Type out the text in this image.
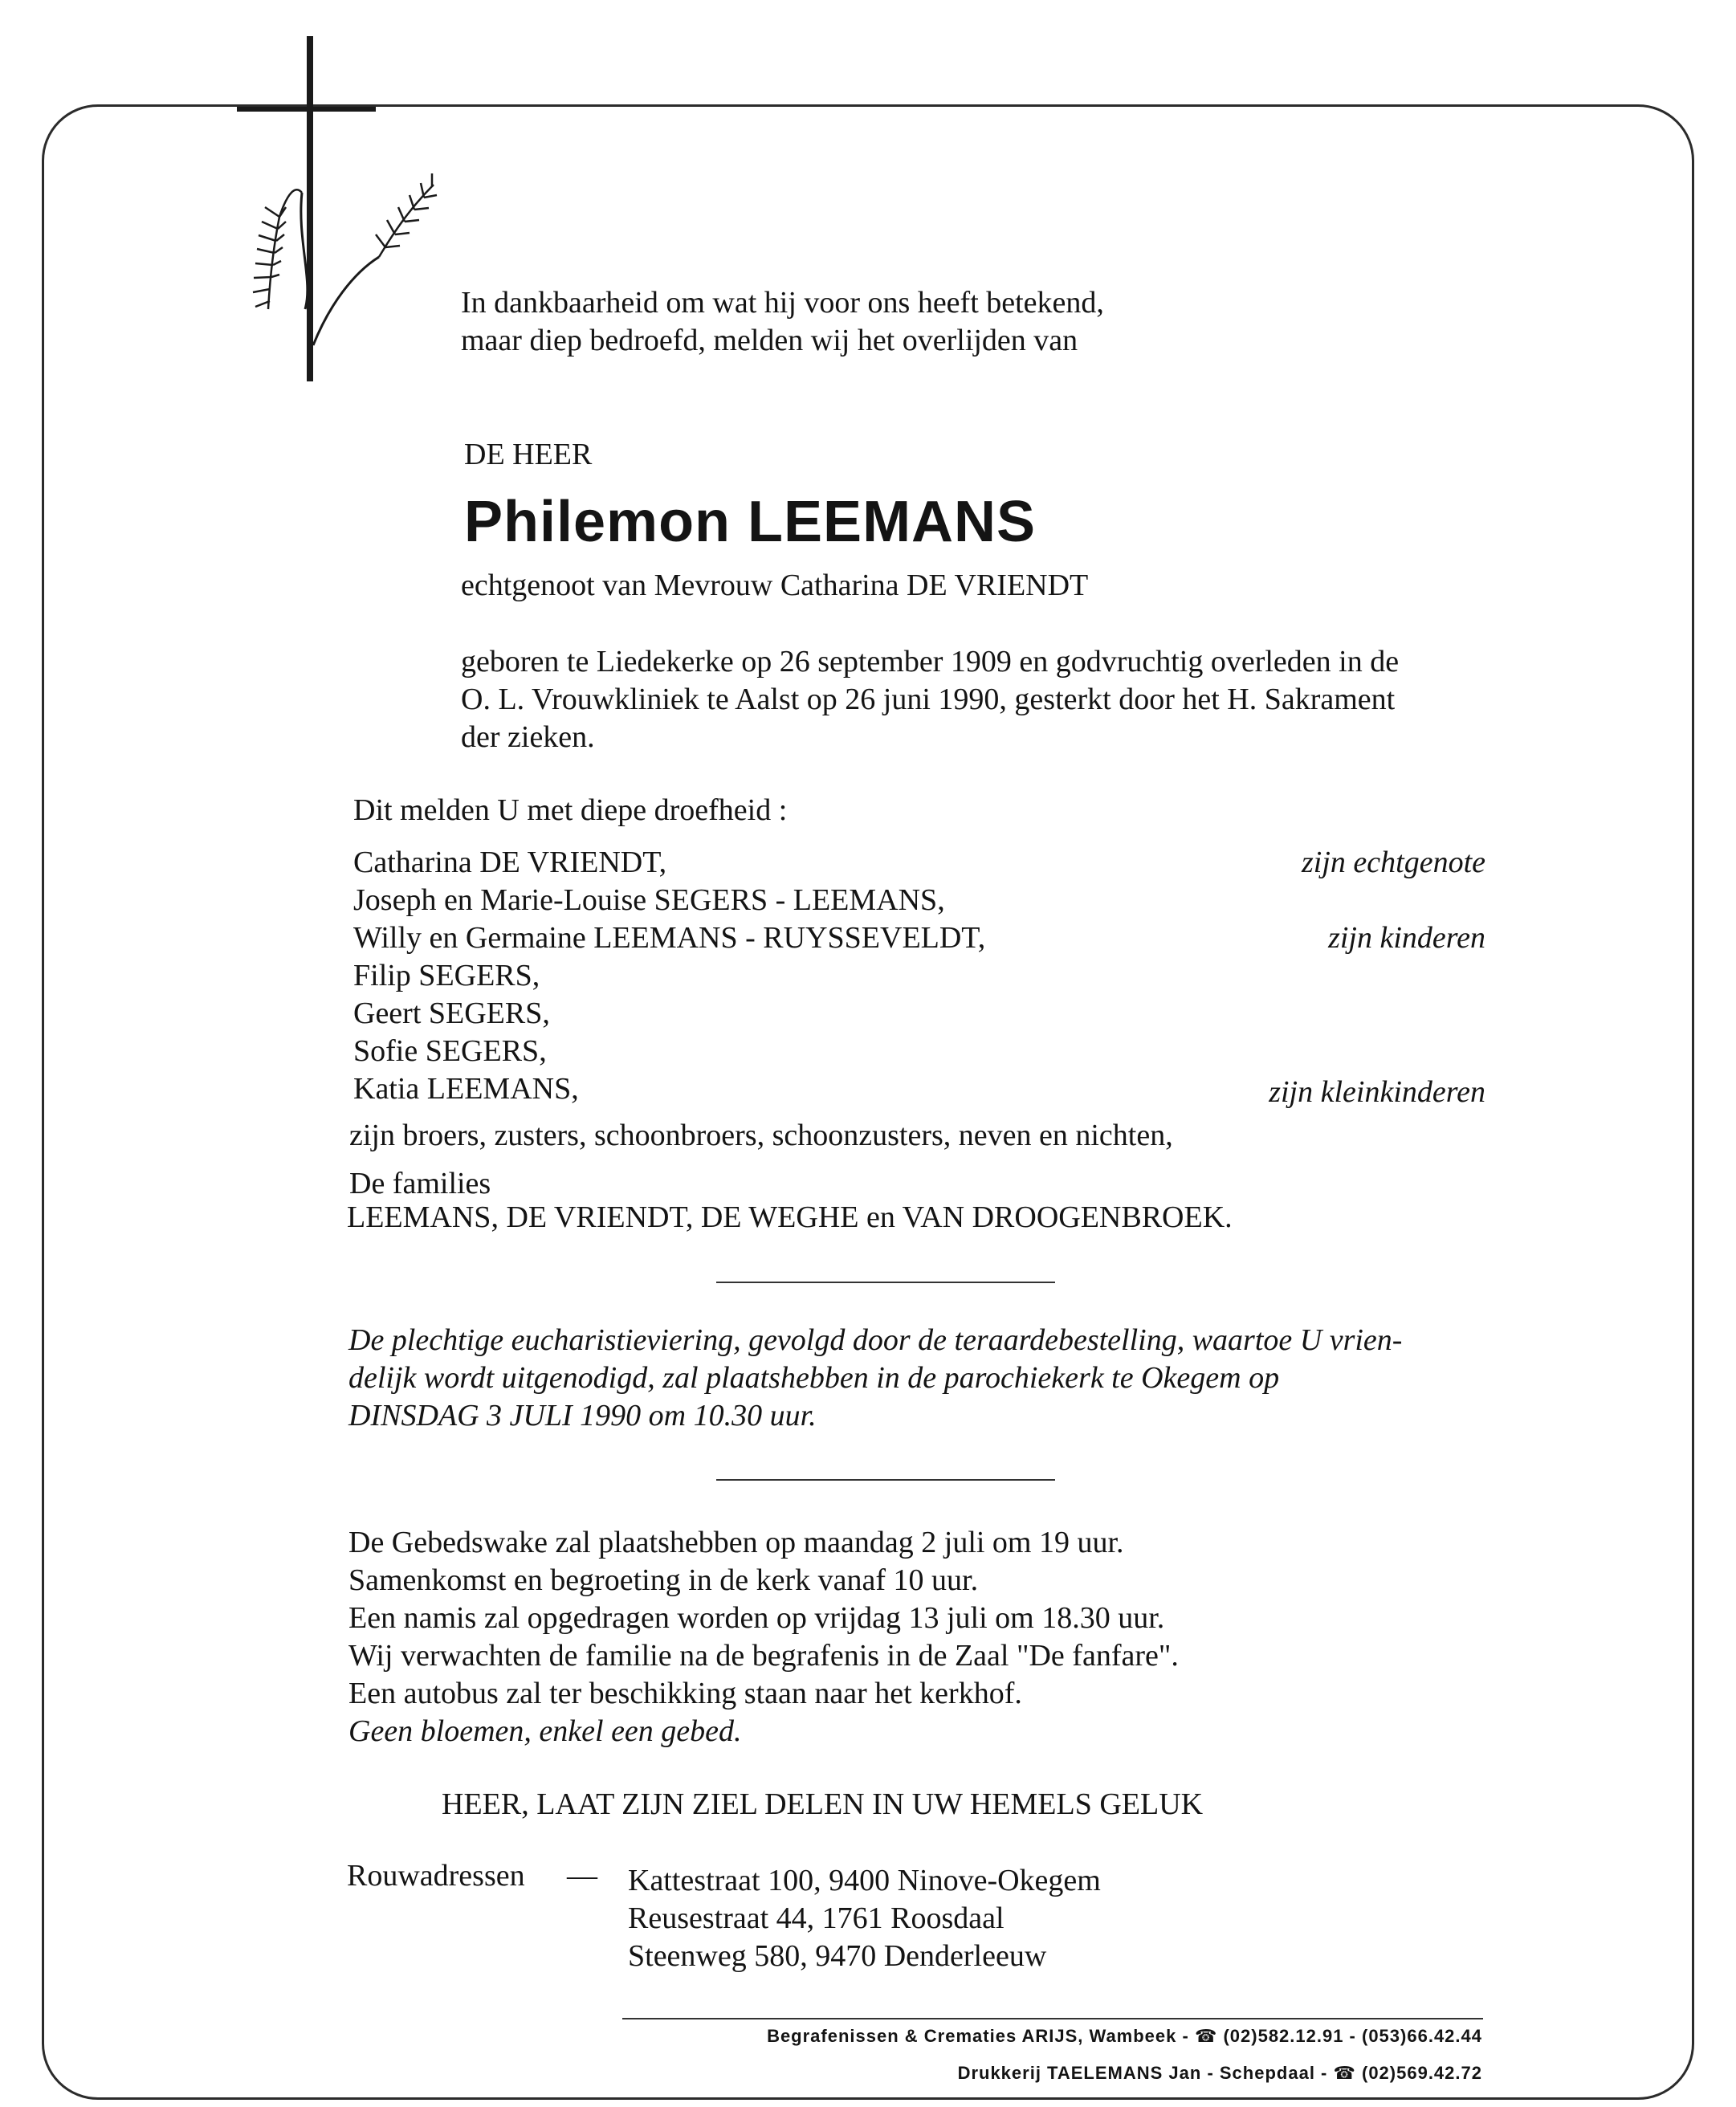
In dankbaarheid om wat hij voor ons heeft betekend,
maar diep bedroefd, melden wij het overlijden van
DE HEER
Philemon LEEMANS
echtgenoot van Mevrouw Catharina DE VRIENDT
geboren te Liedekerke op 26 september 1909 en godvruchtig overleden in de
O. L. Vrouwkliniek te Aalst op 26 juni 1990, gesterkt door het H. Sakrament
der zieken.
Dit melden U met diepe droefheid :
Catharina DE VRIENDT,
Joseph en Marie-Louise SEGERS - LEEMANS,
Willy en Germaine LEEMANS - RUYSSEVELDT,
Filip SEGERS,
Geert SEGERS,
Sofie SEGERS,
Katia LEEMANS,
zijn echtgenote
zijn kinderen
zijn kleinkinderen
zijn broers, zusters, schoonbroers, schoonzusters, neven en nichten,
De families
LEEMANS, DE VRIENDT, DE WEGHE en VAN DROOGENBROEK.
De plechtige eucharistieviering, gevolgd door de teraardebestelling, waartoe U vrien-
delijk wordt uitgenodigd, zal plaatshebben in de parochiekerk te Okegem op
DINSDAG 3 JULI 1990 om 10.30 uur.
De Gebedswake zal plaatshebben op maandag 2 juli om 19 uur.
Samenkomst en begroeting in de kerk vanaf 10 uur.
Een namis zal opgedragen worden op vrijdag 13 juli om 18.30 uur.
Wij verwachten de familie na de begrafenis in de Zaal "De fanfare".
Een autobus zal ter beschikking staan naar het kerkhof.
Geen bloemen, enkel een gebed.
HEER, LAAT ZIJN ZIEL DELEN IN UW HEMELS GELUK
Rouwadressen — Kattestraat 100, 9400 Ninove-Okegem
Reusestraat 44, 1761 Roosdaal
Steenweg 580, 9470 Denderleeuw
Begrafenissen & Crematies ARIJS, Wambeek - ☎ (02)582.12.91 - (053)66.42.44
Drukkerij TAELEMANS Jan - Schepdaal - ☎ (02)569.42.72
